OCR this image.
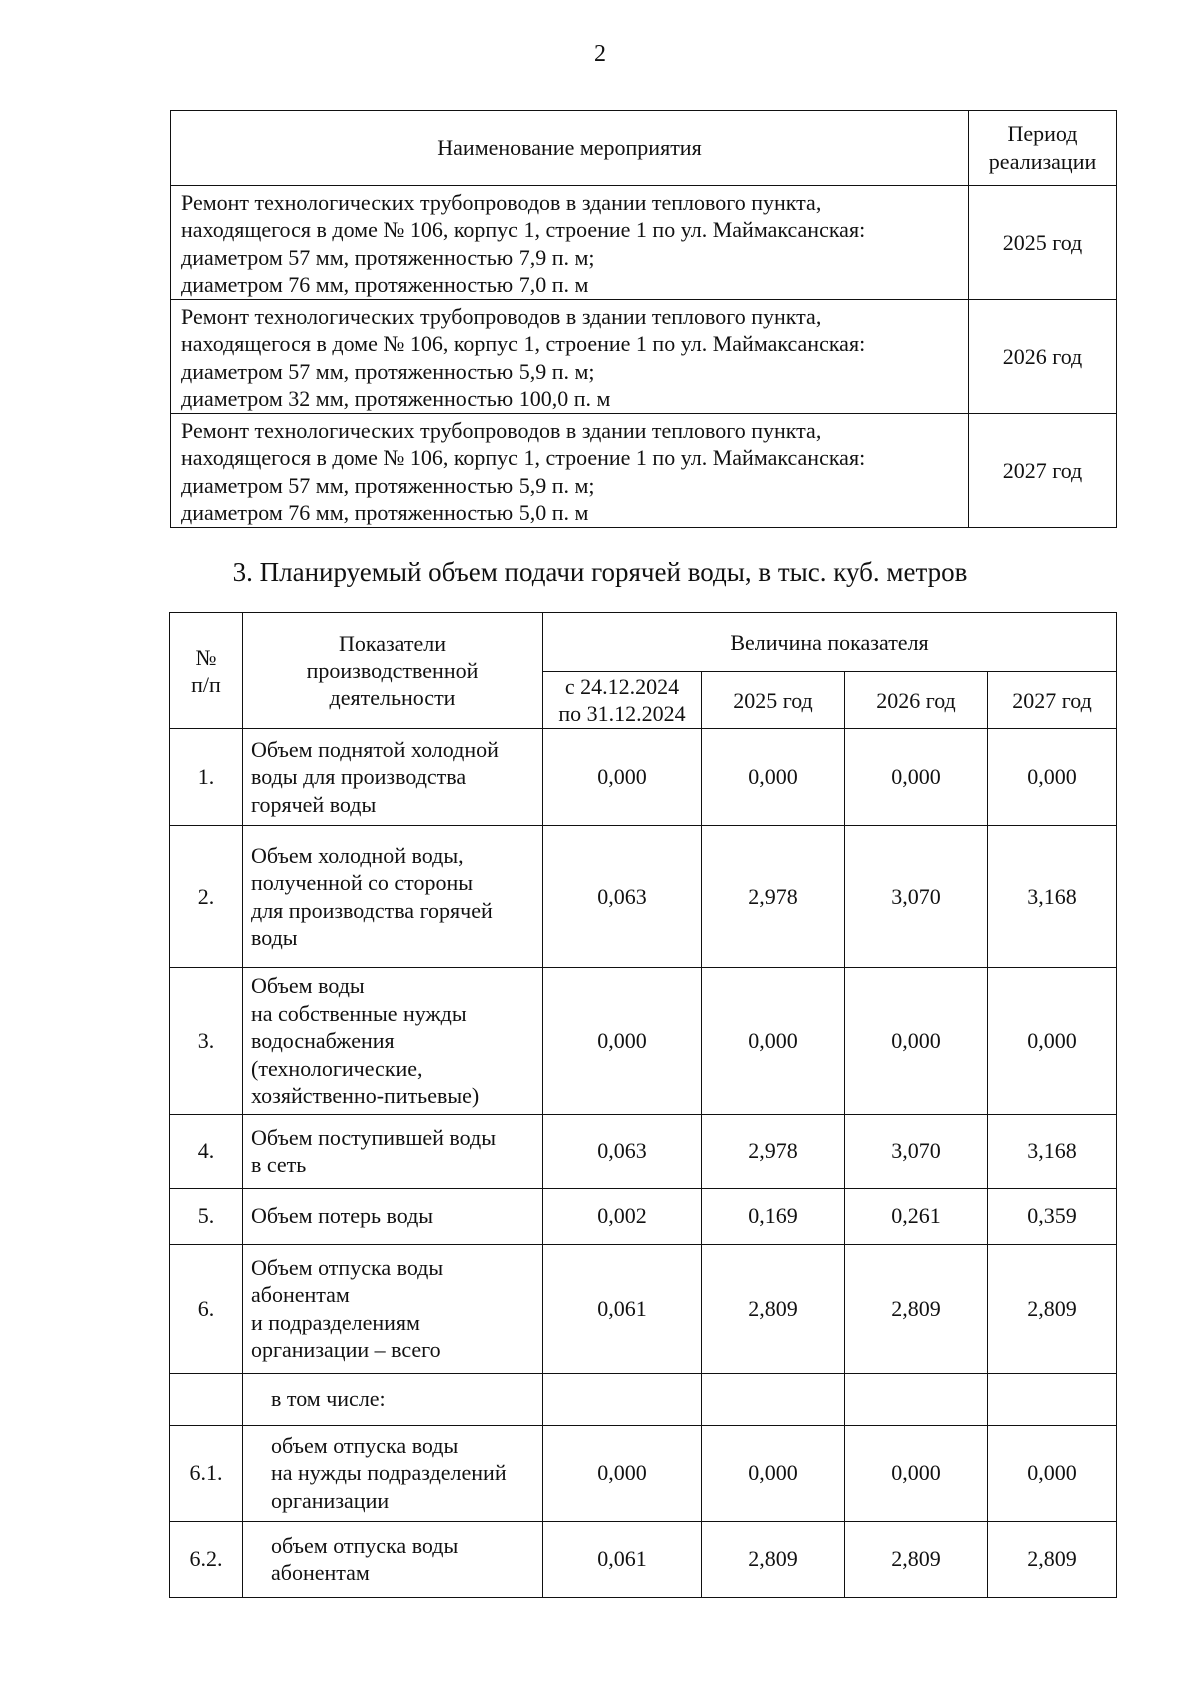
2
Наименование мероприятия	Период
реализации

Ремонт технологических трубопроводов в здании теплового пункта,
находящегося в доме № 106, корпус 1, строение 1 по ул. Маймаксанская:
диаметром 57 мм, протяженностью 7,9 п. м;
диаметром 76 мм, протяженностью 7,0 п. м	2025 год

Ремонт технологических трубопроводов в здании теплового пункта,
находящегося в доме № 106, корпус 1, строение 1 по ул. Маймаксанская:
диаметром 57 мм, протяженностью 5,9 п. м;
диаметром 32 мм, протяженностью 100,0 п. м	2026 год

Ремонт технологических трубопроводов в здании теплового пункта,
находящегося в доме № 106, корпус 1, строение 1 по ул. Маймаксанская:
диаметром 57 мм, протяженностью 5,9 п. м;
диаметром 76 мм, протяженностью 5,0 п. м	2027 год
3. Планируемый объем подачи горячей воды, в тыс. куб. метров
№
п/п	Показатели
производственной
деятельности	Величина показателя			

		с 24.12.2024
по 31.12.2024	2025 год	2026 год	2027 год
1.	Объем поднятой холодной
воды для производства
горячей воды	0,000	0,000	0,000	0,000
2.	Объем холодной воды,
полученной со стороны
для производства горячей
воды	0,063	2,978	3,070	3,168
3.	Объем воды
на собственные нужды
водоснабжения
(технологические,
хозяйственно-питьевые)	0,000	0,000	0,000	0,000
4.	Объем поступившей воды
в сеть	0,063	2,978	3,070	3,168
5.	Объем потерь воды	0,002	0,169	0,261	0,359
6.	Объем отпуска воды
абонентам
и подразделениям
организации – всего	0,061	2,809	2,809	2,809

	в том числе:				

6.1.	объем отпуска воды
на нужды подразделений
организации	0,000	0,000	0,000	0,000
6.2.	объем отпуска воды
абонентам	0,061	2,809	2,809	2,809
